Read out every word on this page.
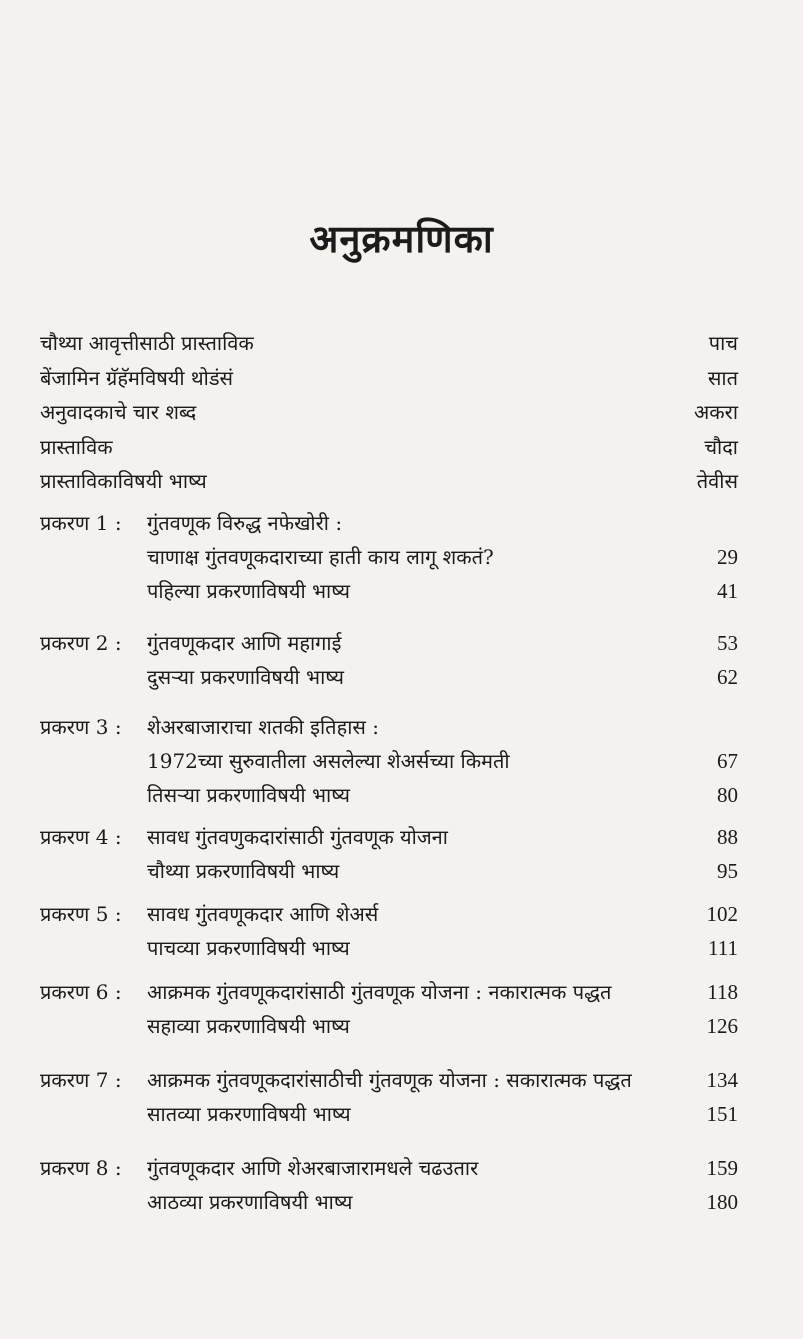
अनुक्रमणिका
चौथ्या आवृत्तीसाठी प्रास्ताविक	पाच
बेंजामिन ग्रॅहॅमविषयी थोडंसं	सात
अनुवादकाचे चार शब्द	अकरा
प्रास्ताविक	चौदा
प्रास्ताविकाविषयी भाष्य	तेवीस
प्रकरण 1 :	गुंतवणूक विरुद्ध नफेखोरी :
चाणाक्ष गुंतवणूकदाराच्या हाती काय लागू शकतं?	29
पहिल्या प्रकरणाविषयी भाष्य	41
प्रकरण 2 :	गुंतवणूकदार आणि महागाई	53
दुसऱ्या प्रकरणाविषयी भाष्य	62
प्रकरण 3 :	शेअरबाजाराचा शतकी इतिहास :
1972च्या सुरुवातीला असलेल्या शेअर्सच्या किमती	67
तिसऱ्या प्रकरणाविषयी भाष्य	80
प्रकरण 4 :	सावध गुंतवणुकदारांसाठी गुंतवणूक योजना	88
चौथ्या प्रकरणाविषयी भाष्य	95
प्रकरण 5 :	सावध गुंतवणूकदार आणि शेअर्स	102
पाचव्या प्रकरणाविषयी भाष्य	111
प्रकरण 6 :	आक्रमक गुंतवणूकदारांसाठी गुंतवणूक योजना : नकारात्मक पद्धत	118
सहाव्या प्रकरणाविषयी भाष्य	126
प्रकरण 7 :	आक्रमक गुंतवणूकदारांसाठीची गुंतवणूक योजना : सकारात्मक पद्धत	134
सातव्या प्रकरणाविषयी भाष्य	151
प्रकरण 8 :	गुंतवणूकदार आणि शेअरबाजारामधले चढउतार	159
आठव्या प्रकरणाविषयी भाष्य	180
